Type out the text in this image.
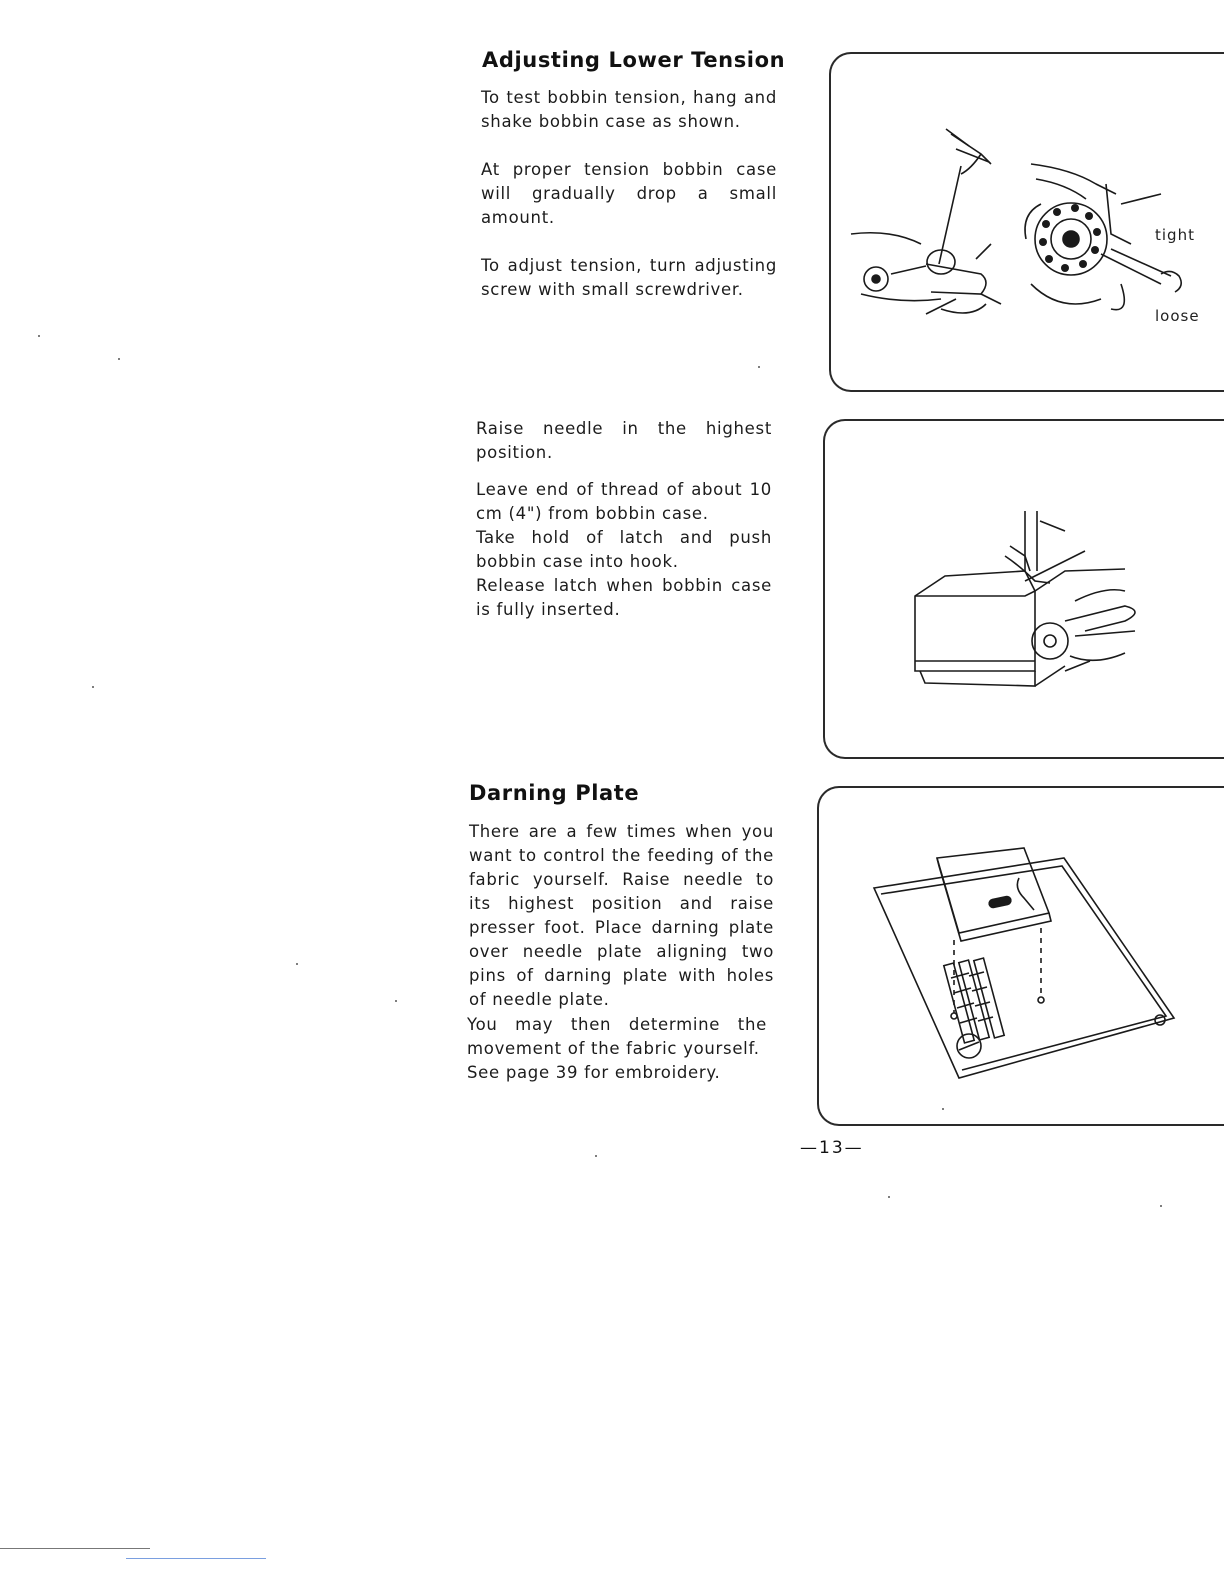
Adjusting Lower Tension

To test bobbin tension, hang and shake bobbin case as shown.

At proper tension bobbin case will gradually drop a small amount.

To adjust tension, turn adjusting screw with small screwdriver.

tight
loose

Raise needle in the highest position.

Leave end of thread of about 10 cm (4") from bobbin case.

Take hold of latch and push bobbin case into hook.

Release latch when bobbin case is fully inserted.

Darning Plate

There are a few times when you want to control the feeding of the fabric yourself. Raise needle to its highest position and raise presser foot. Place darning plate over needle plate aligning two pins of darning plate with holes of needle plate.

You may then determine the movement of the fabric yourself.

See page 39 for embroidery.

—13—
